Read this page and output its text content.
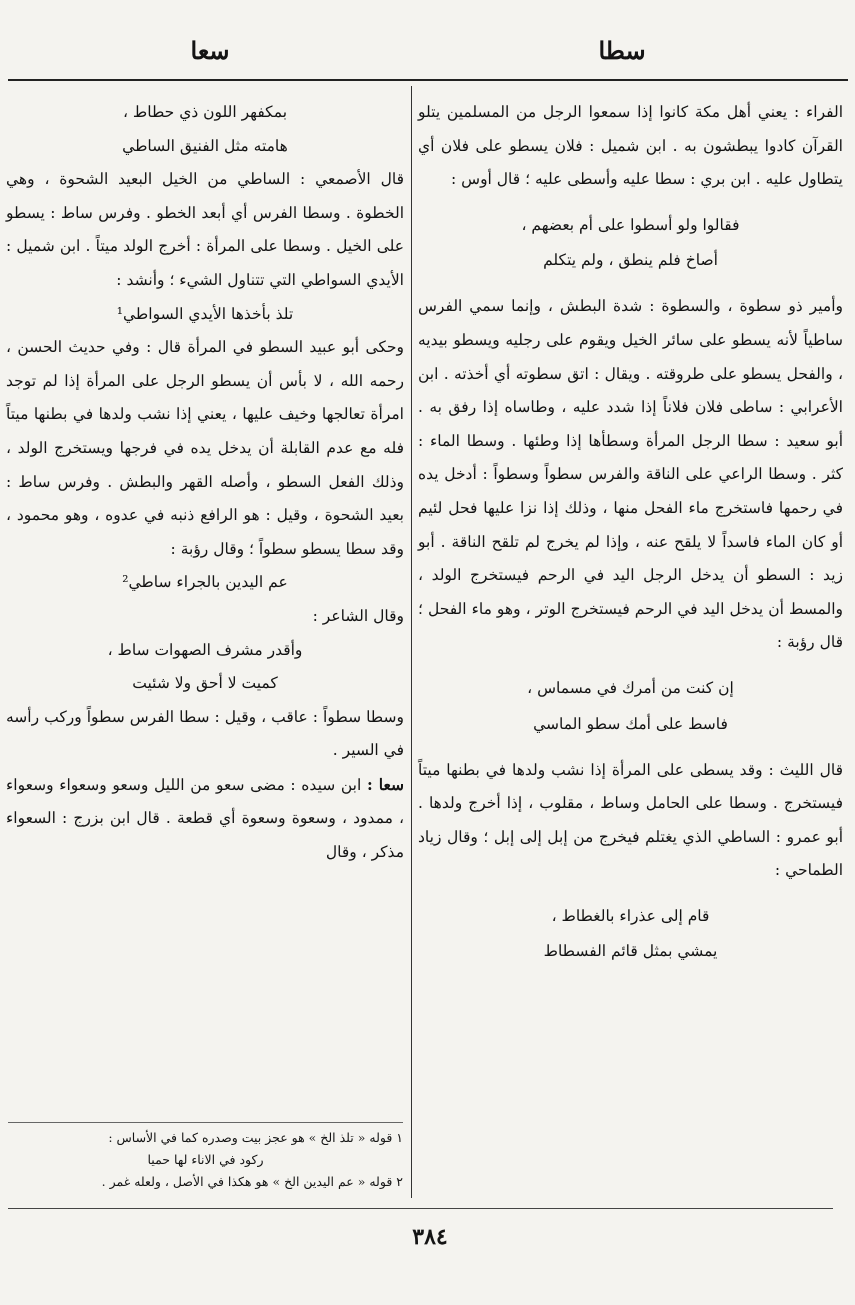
سطا
سعا

الفراء : يعني أهل مكة كانوا إذا سمعوا الرجل من المسلمين يتلو القرآن كادوا يبطشون به . ابن شميل : فلان يسطو على فلان أي يتطاول عليه . ابن بري : سطا عليه وأسطى عليه ؛ قال أوس :

فقالوا ولو أسطوا على أم بعضهم ،

أصاخ فلم ينطق ، ولم يتكلم

وأمير ذو سطوة ، والسطوة : شدة البطش ، وإنما سمي الفرس ساطياً لأنه يسطو على سائر الخيل ويقوم على رجليه ويسطو بيديه ، والفحل يسطو على طروقته . ويقال : اتق سطوته أي أخذته . ابن الأعرابي : ساطى فلان فلاناً إذا شدد عليه ، وطاساه إذا رفق به . أبو سعيد : سطا الرجل المرأة وسطأها إذا وطئها . وسطا الماء : كثر . وسطا الراعي على الناقة والفرس سطواً وسطواً : أدخل يده في رحمها فاستخرج ماء الفحل منها ، وذلك إذا نزا عليها فحل لئيم أو كان الماء فاسداً لا يلقح عنه ، وإذا لم يخرج لم تلقح الناقة . أبو زيد : السطو أن يدخل الرجل اليد في الرحم فيستخرج الولد ، والمسط أن يدخل اليد في الرحم فيستخرج الوتر ، وهو ماء الفحل ؛ قال رؤبة :

إن كنت من أمرك في مسماس ،

فاسط على أمك سطو الماسي

قال الليث : وقد يسطى على المرأة إذا نشب ولدها في بطنها ميتاً فيستخرج . وسطا على الحامل وساط ، مقلوب ، إذا أخرج ولدها . أبو عمرو : الساطي الذي يغتلم فيخرج من إبل إلى إبل ؛ وقال زياد الطماحي :

قام إلى عذراء بالغطاط ،

يمشي بمثل قائم الفسطاط

بمكفهر اللون ذي حطاط ،

هامته مثل الفنيق الساطي

قال الأصمعي : الساطي من الخيل البعيد الشحوة ، وهي الخطوة . وسطا الفرس أي أبعد الخطو . وفرس ساط : يسطو على الخيل . وسطا على المرأة : أخرج الولد ميتاً . ابن شميل : الأيدي السواطي التي تتناول الشيء ؛ وأنشد :

تلذ بأخذها الأيدي السواطي¹

وحكى أبو عبيد السطو في المرأة قال : وفي حديث الحسن ، رحمه الله ، لا بأس أن يسطو الرجل على المرأة إذا لم توجد امرأة تعالجها وخيف عليها ، يعني إذا نشب ولدها في بطنها ميتاً فله مع عدم القابلة أن يدخل يده في فرجها ويستخرج الولد ، وذلك الفعل السطو ، وأصله القهر والبطش . وفرس ساط : بعيد الشحوة ، وقيل : هو الرافع ذنبه في عدوه ، وهو محمود ، وقد سطا يسطو سطواً ؛ وقال رؤبة :

عم اليدين بالجراء ساطي²

وقال الشاعر :

وأقدر مشرف الصهوات ساط ،

كميت لا أحق ولا شئيت

وسطا سطواً : عاقب ، وقيل : سطا الفرس سطواً وركب رأسه في السير .

سعا : ابن سيده : مضى سعو من الليل وسعو وسعواء وسعواء ، ممدود ، وسعوة وسعوة أي قطعة . قال ابن بزرج : السعواء مذكر ، وقال

١ قوله « تلذ الخ » هو عجز بيت وصدره كما في الأساس :

ركود في الاناء لها حميا

٢ قوله « عم اليدين الخ » هو هكذا في الأصل ، ولعله غمر .

٣٨٤
